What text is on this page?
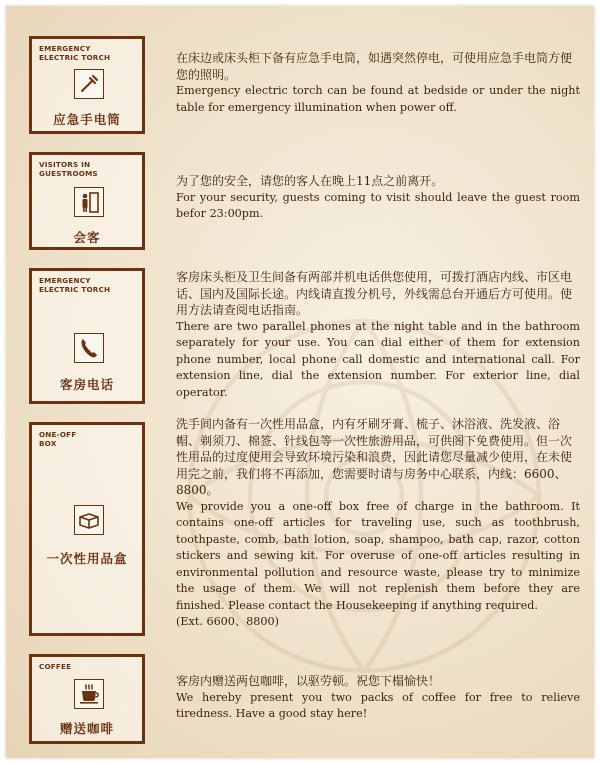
EMERGENCY
ELECTRIC TORCH
应急手电筒
在床边或床头柜下备有应急手电筒，如遇突然停电，可使用应急手电筒方便您的照明。
Emergency electric torch can be found at bedside or under the night table for emergency illumination when power off.
VISITORS IN
GUESTROOMS
会客
为了您的安全，请您的客人在晚上11点之前离开。
For your security, guests coming to visit should leave the guest room befor 23:00pm.
EMERGENCY
ELECTRIC TORCH
客房电话
客房床头柜及卫生间备有两部并机电话供您使用，可拨打酒店内线、市区电话、国内及国际长途。内线请直拨分机号，外线需总台开通后方可使用。使用方法请查阅电话指南。
There are two parallel phones at the night table and in the bathroom separately for your use. You can dial either of them for extension phone number, local phone call domestic and international call. For extension line, dial the extension number. For exterior line, dial operator.
ONE-OFF
BOX
一次性用品盒
洗手间内备有一次性用品盒，内有牙刷牙膏、梳子、沐浴液、洗发液、浴帽、剃须刀、棉签、针线包等一次性旅游用品，可供阁下免费使用。但一次性用品的过度使用会导致环境污染和浪费，因此请您尽量减少使用，在未使用完之前，我们将不再添加，您需要时请与房务中心联系，内线：6600、8800。
We provide you a one-off box free of charge in the bathroom. It contains one-off articles for traveling use, such as toothbrush, toothpaste, comb, bath lotion, soap, shampoo, bath cap, razor, cotton stickers and sewing kit. For overuse of one-off articles resulting in environmental pollution and resource waste, please try to minimize the usage of them. We will not replenish them before they are finished. Please contact the Housekeeping if anything required.
(Ext. 6600、8800)
COFFEE
赠送咖啡
客房内赠送两包咖啡，以驱劳顿。祝您下榻愉快！
We hereby present you two packs of coffee for free to relieve tiredness. Have a good stay here!
